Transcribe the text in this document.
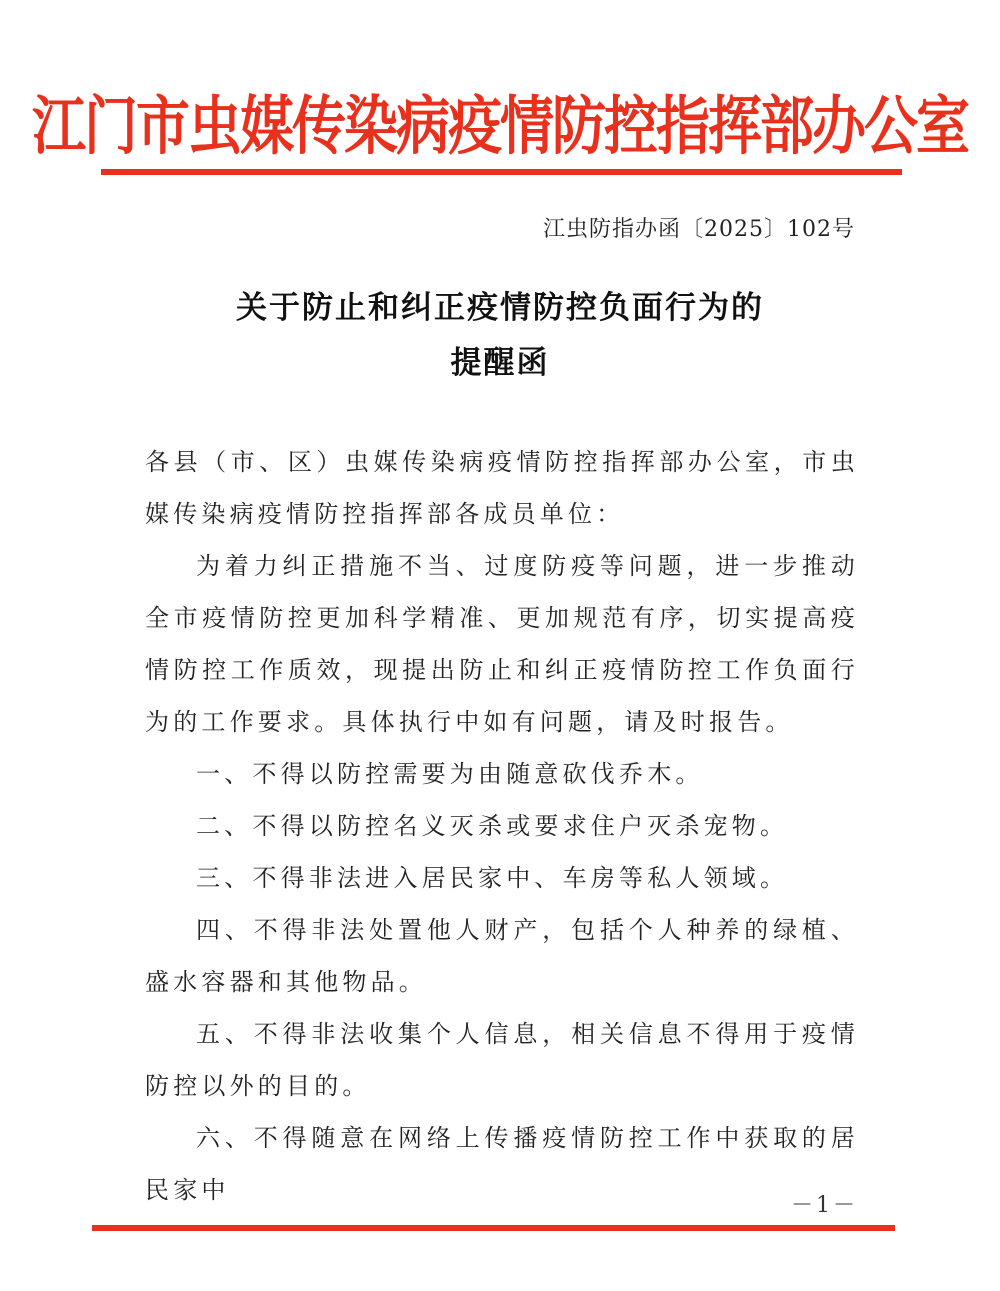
江门市虫媒传染病疫情防控指挥部办公室
江虫防指办函〔2025〕102号
关于防止和纠正疫情防控负面行为的
提醒函

各县（市、区）虫媒传染病疫情防控指挥部办公室，市虫媒传染病疫情防控指挥部各成员单位：

为着力纠正措施不当、过度防疫等问题，进一步推动全市疫情防控更加科学精准、更加规范有序，切实提高疫情防控工作质效，现提出防止和纠正疫情防控工作负面行为的工作要求。具体执行中如有问题，请及时报告。

一、不得以防控需要为由随意砍伐乔木。

二、不得以防控名义灭杀或要求住户灭杀宠物。

三、不得非法进入居民家中、车房等私人领域。

四、不得非法处置他人财产，包括个人种养的绿植、盛水容器和其他物品。

五、不得非法收集个人信息，相关信息不得用于疫情防控以外的目的。

六、不得随意在网络上传播疫情防控工作中获取的居民家中

－1－
